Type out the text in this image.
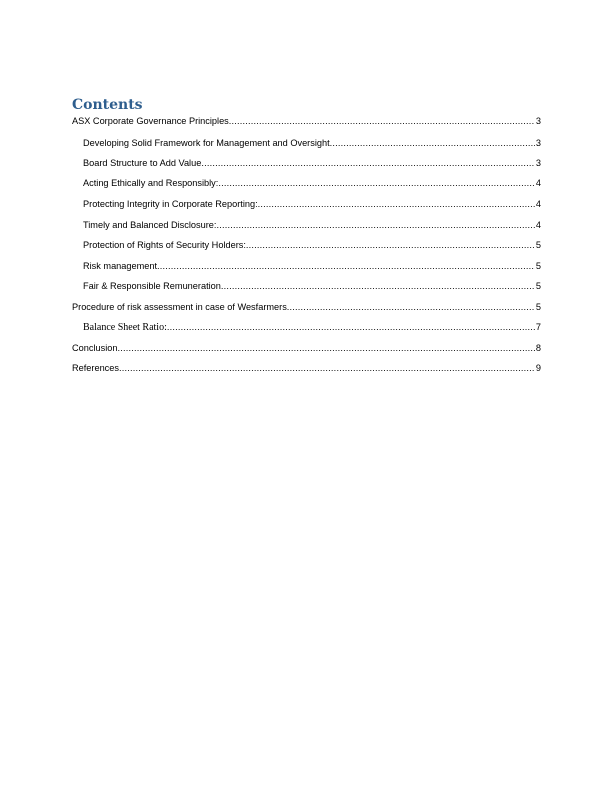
Contents
ASX Corporate Governance Principles .....	3
Developing Solid Framework for Management and Oversight .....	3
Board Structure to Add Value .....	3
Acting Ethically and Responsibly: .....	4
Protecting Integrity in Corporate Reporting: .....	4
Timely and Balanced Disclosure: .....	4
Protection of Rights of Security Holders: .....	5
Risk management .....	5
Fair & Responsible Remuneration .....	5
Procedure of risk assessment in case of Wesfarmers .....	5
Balance Sheet Ratio: .....	7
Conclusion .....	8
References .....	9
